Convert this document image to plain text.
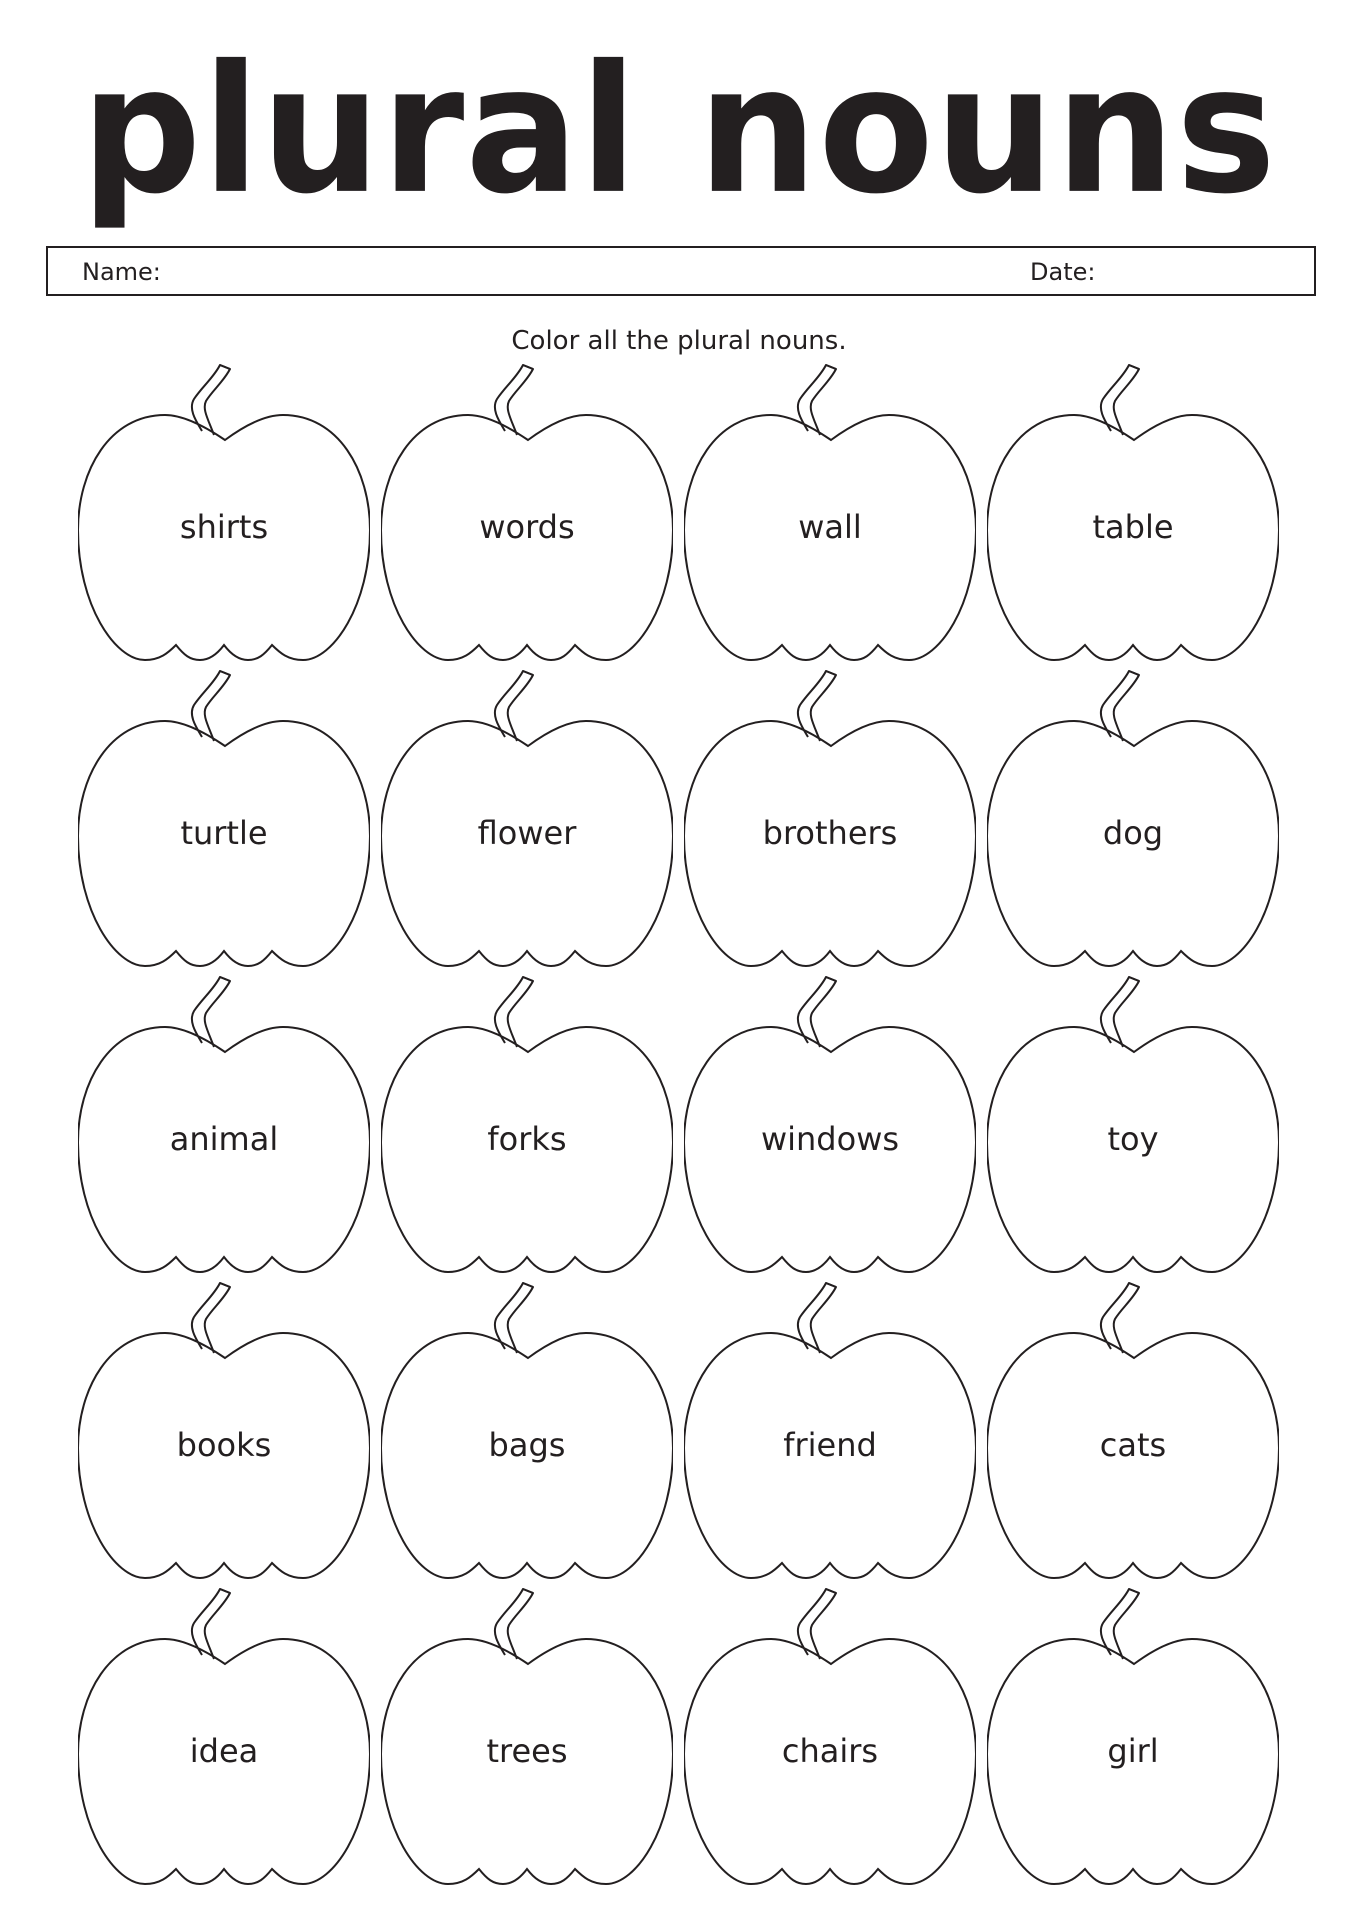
plural nouns
Name:	Date:
Color all the plural nouns.
shirts	words	wall	table
turtle	flower	brothers	dog
animal	forks	windows	toy
books	bags	friend	cats
idea	trees	chairs	girl
